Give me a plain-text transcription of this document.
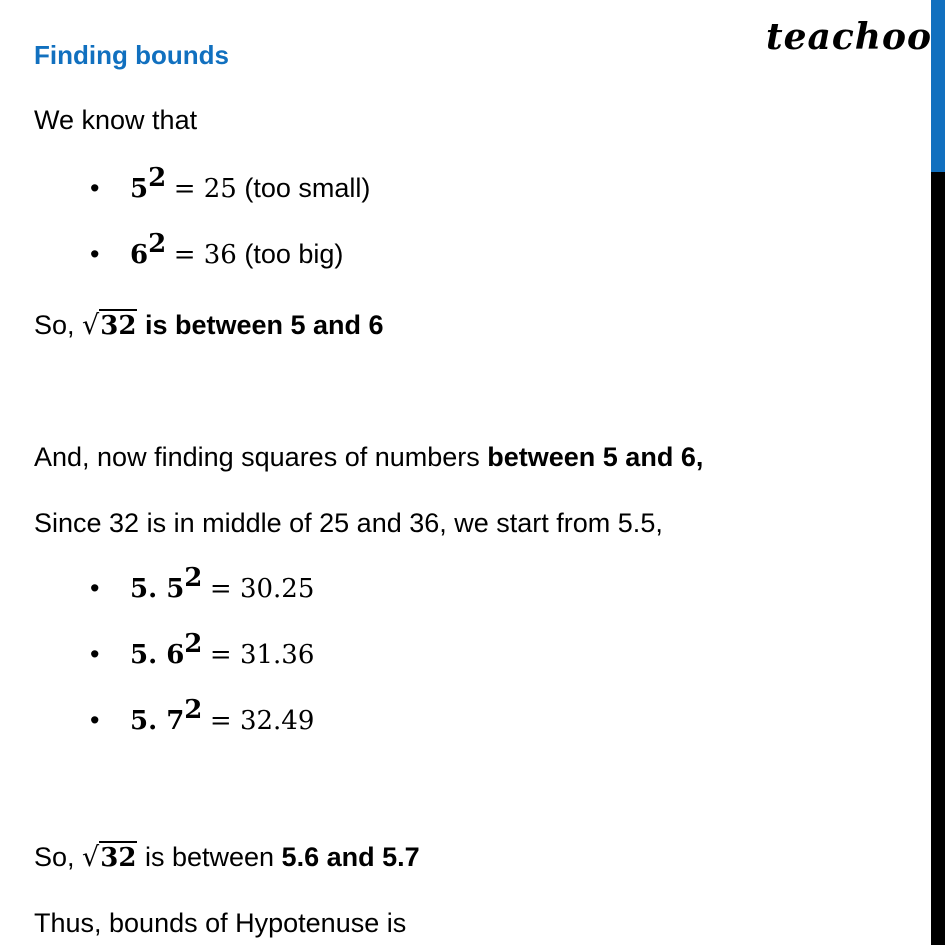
teachoo
Finding bounds
We know that
• $5^2 = 25$ (too small)
• $6^2 = 36$ (too big)
So, √32 is between 5 and 6
And, now finding squares of numbers between 5 and 6,
Since 32 is in middle of 25 and 36, we start from 5.5,
• 5. $5^2 = 30.25$
• 5. $6^2 = 31.36$
• 5. $7^2 = 32.49$
So, √32 is between 5.6 and 5.7
Thus, bounds of Hypotenuse is
